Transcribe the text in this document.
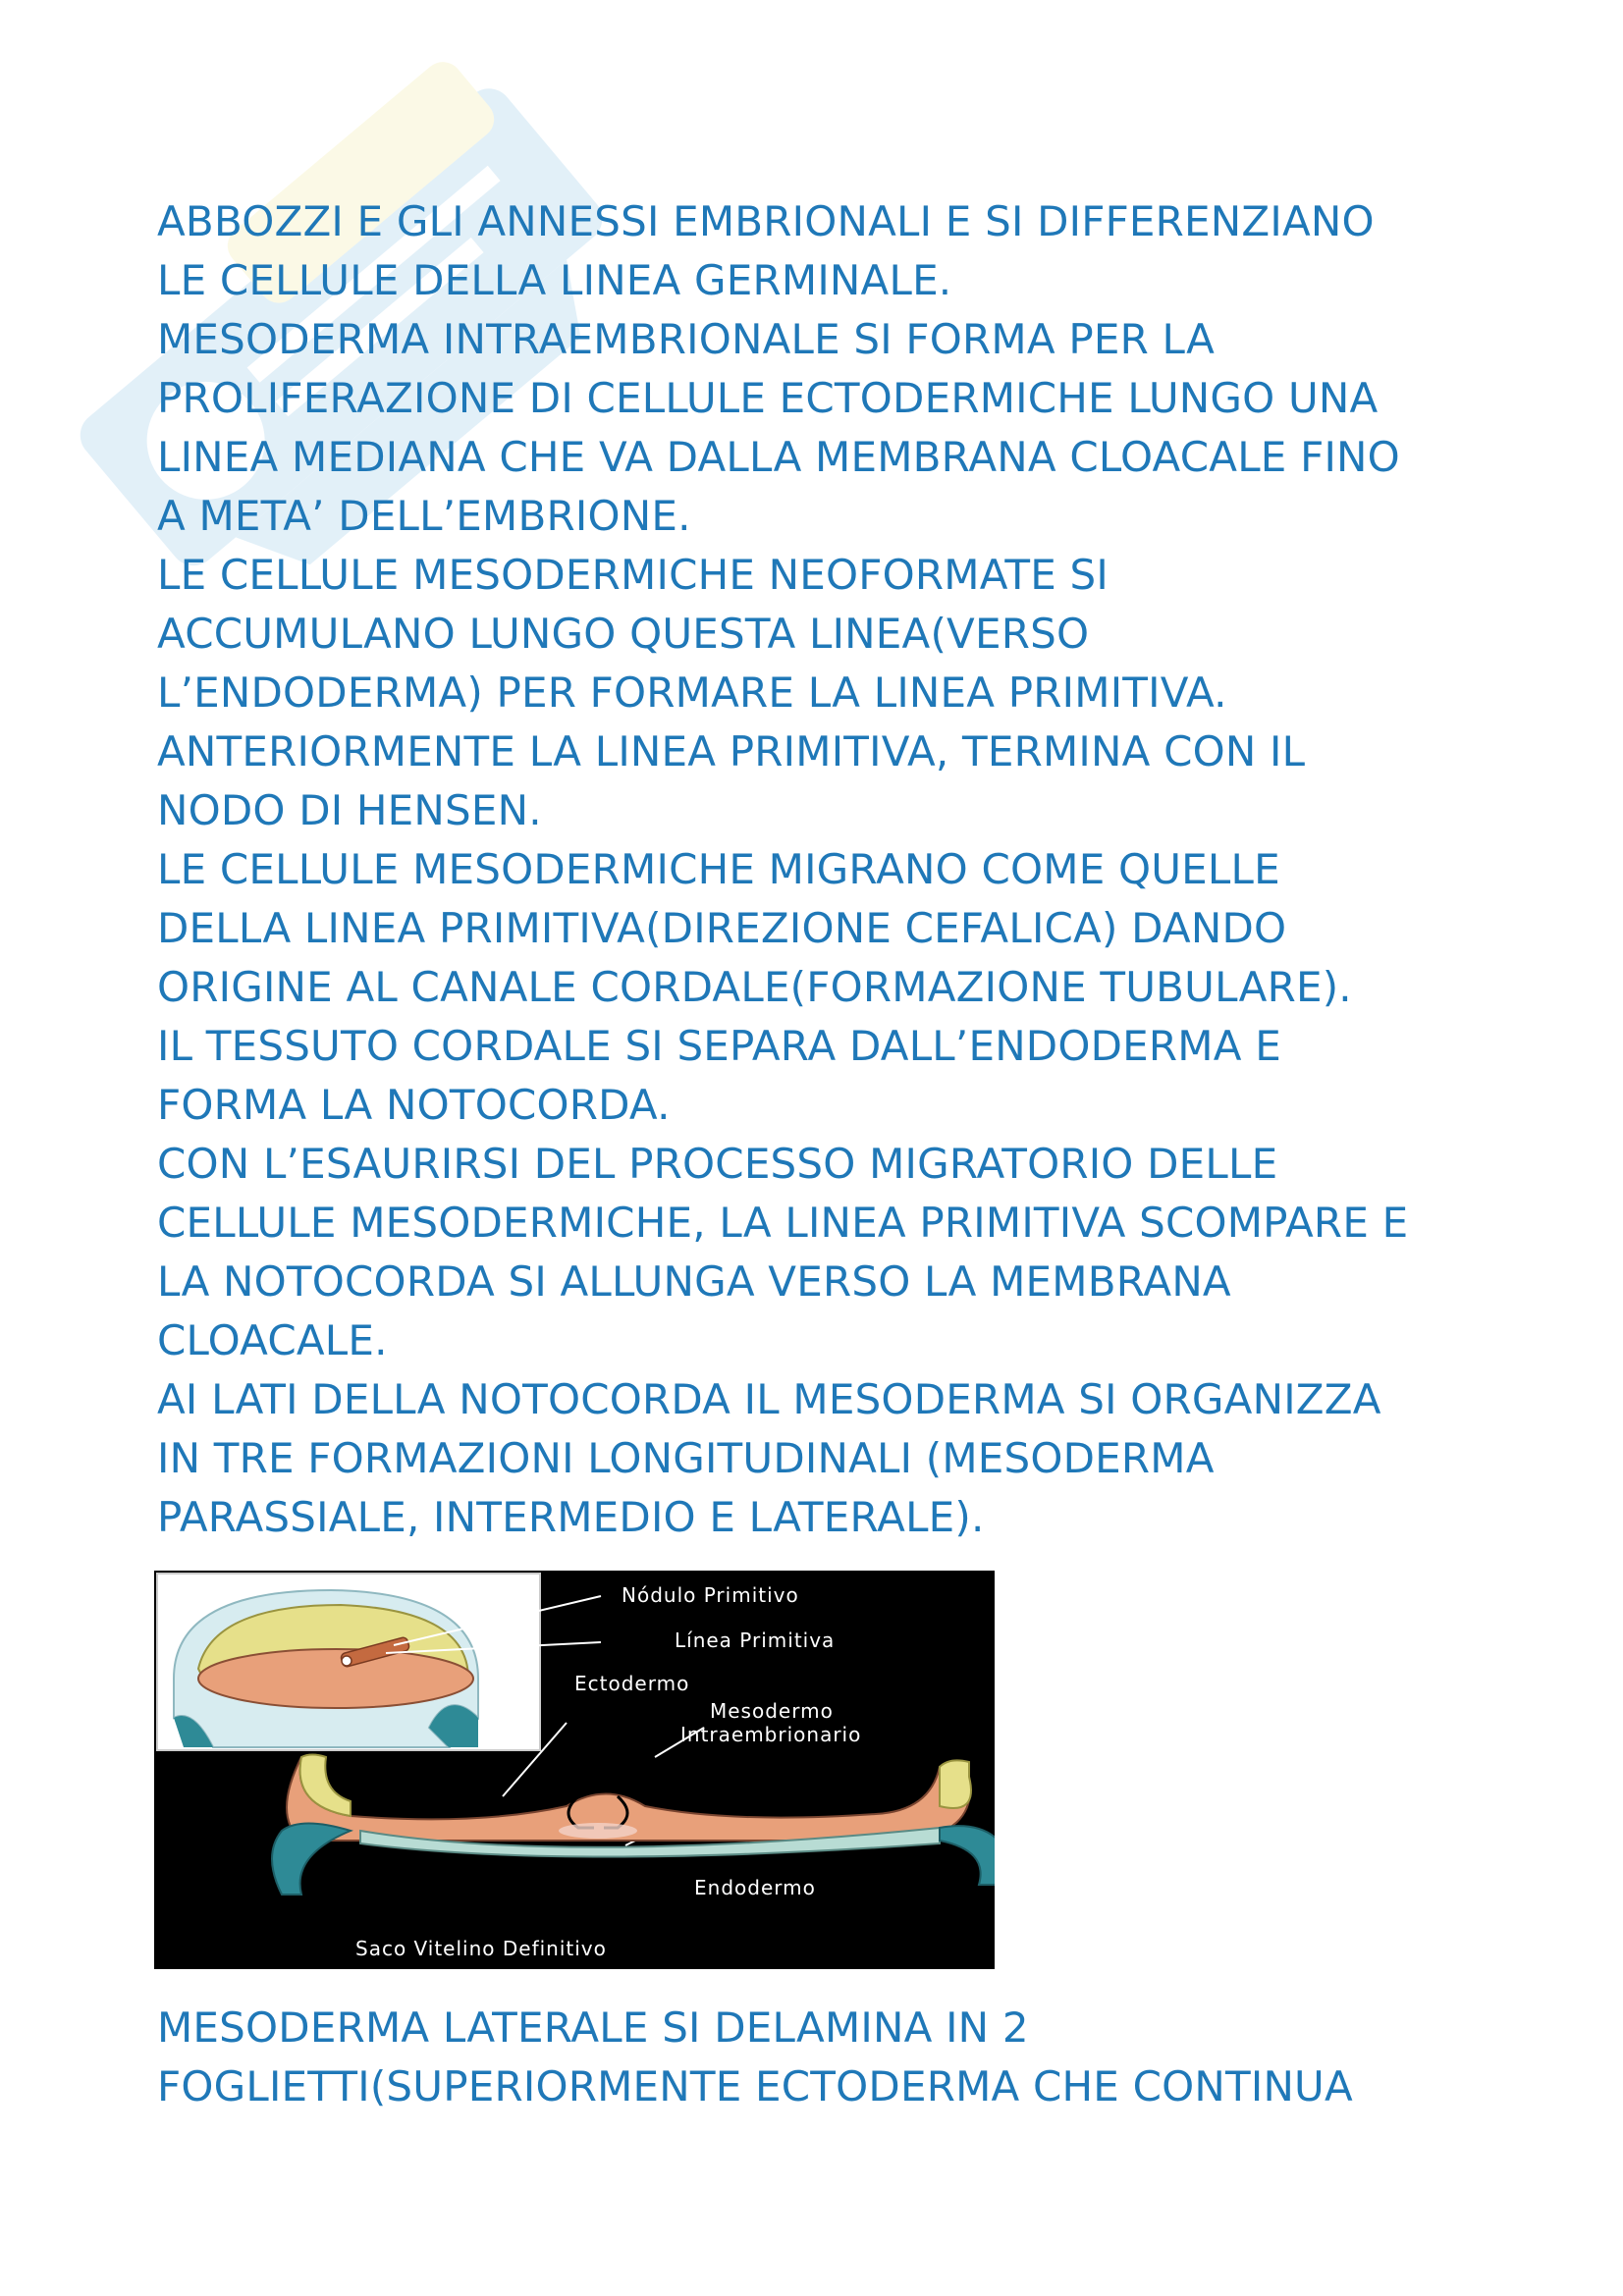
ABBOZZI E GLI ANNESSI EMBRIONALI E SI DIFFERENZIANO
LE CELLULE DELLA LINEA GERMINALE.

MESODERMA INTRAEMBRIONALE SI FORMA PER LA
PROLIFERAZIONE DI CELLULE ECTODERMICHE LUNGO UNA
LINEA MEDIANA CHE VA DALLA MEMBRANA CLOACALE FINO
A META’ DELL’EMBRIONE.

LE CELLULE MESODERMICHE NEOFORMATE SI
ACCUMULANO LUNGO QUESTA LINEA(VERSO
L’ENDODERMA) PER FORMARE LA LINEA PRIMITIVA.

ANTERIORMENTE LA LINEA PRIMITIVA, TERMINA CON IL
NODO DI HENSEN.

LE CELLULE MESODERMICHE MIGRANO COME QUELLE
DELLA LINEA PRIMITIVA(DIREZIONE CEFALICA) DANDO
ORIGINE AL CANALE CORDALE(FORMAZIONE TUBULARE).

IL TESSUTO CORDALE SI SEPARA DALL’ENDODERMA E
FORMA LA NOTOCORDA.

CON L’ESAURIRSI DEL PROCESSO MIGRATORIO DELLE
CELLULE MESODERMICHE, LA LINEA PRIMITIVA SCOMPARE E
LA NOTOCORDA SI ALLUNGA VERSO LA MEMBRANA
CLOACALE.

AI LATI DELLA NOTOCORDA IL MESODERMA SI ORGANIZZA
IN TRE FORMAZIONI LONGITUDINALI (MESODERMA
PARASSIALE, INTERMEDIO E LATERALE).

Nódulo Primitivo
Línea Primitiva
Ectodermo
Mesodermo
Intraembrionario
Endodermo
Saco Vitelino Definitivo

MESODERMA LATERALE SI DELAMINA IN 2
FOGLIETTI(SUPERIORMENTE ECTODERMA CHE CONTINUA
